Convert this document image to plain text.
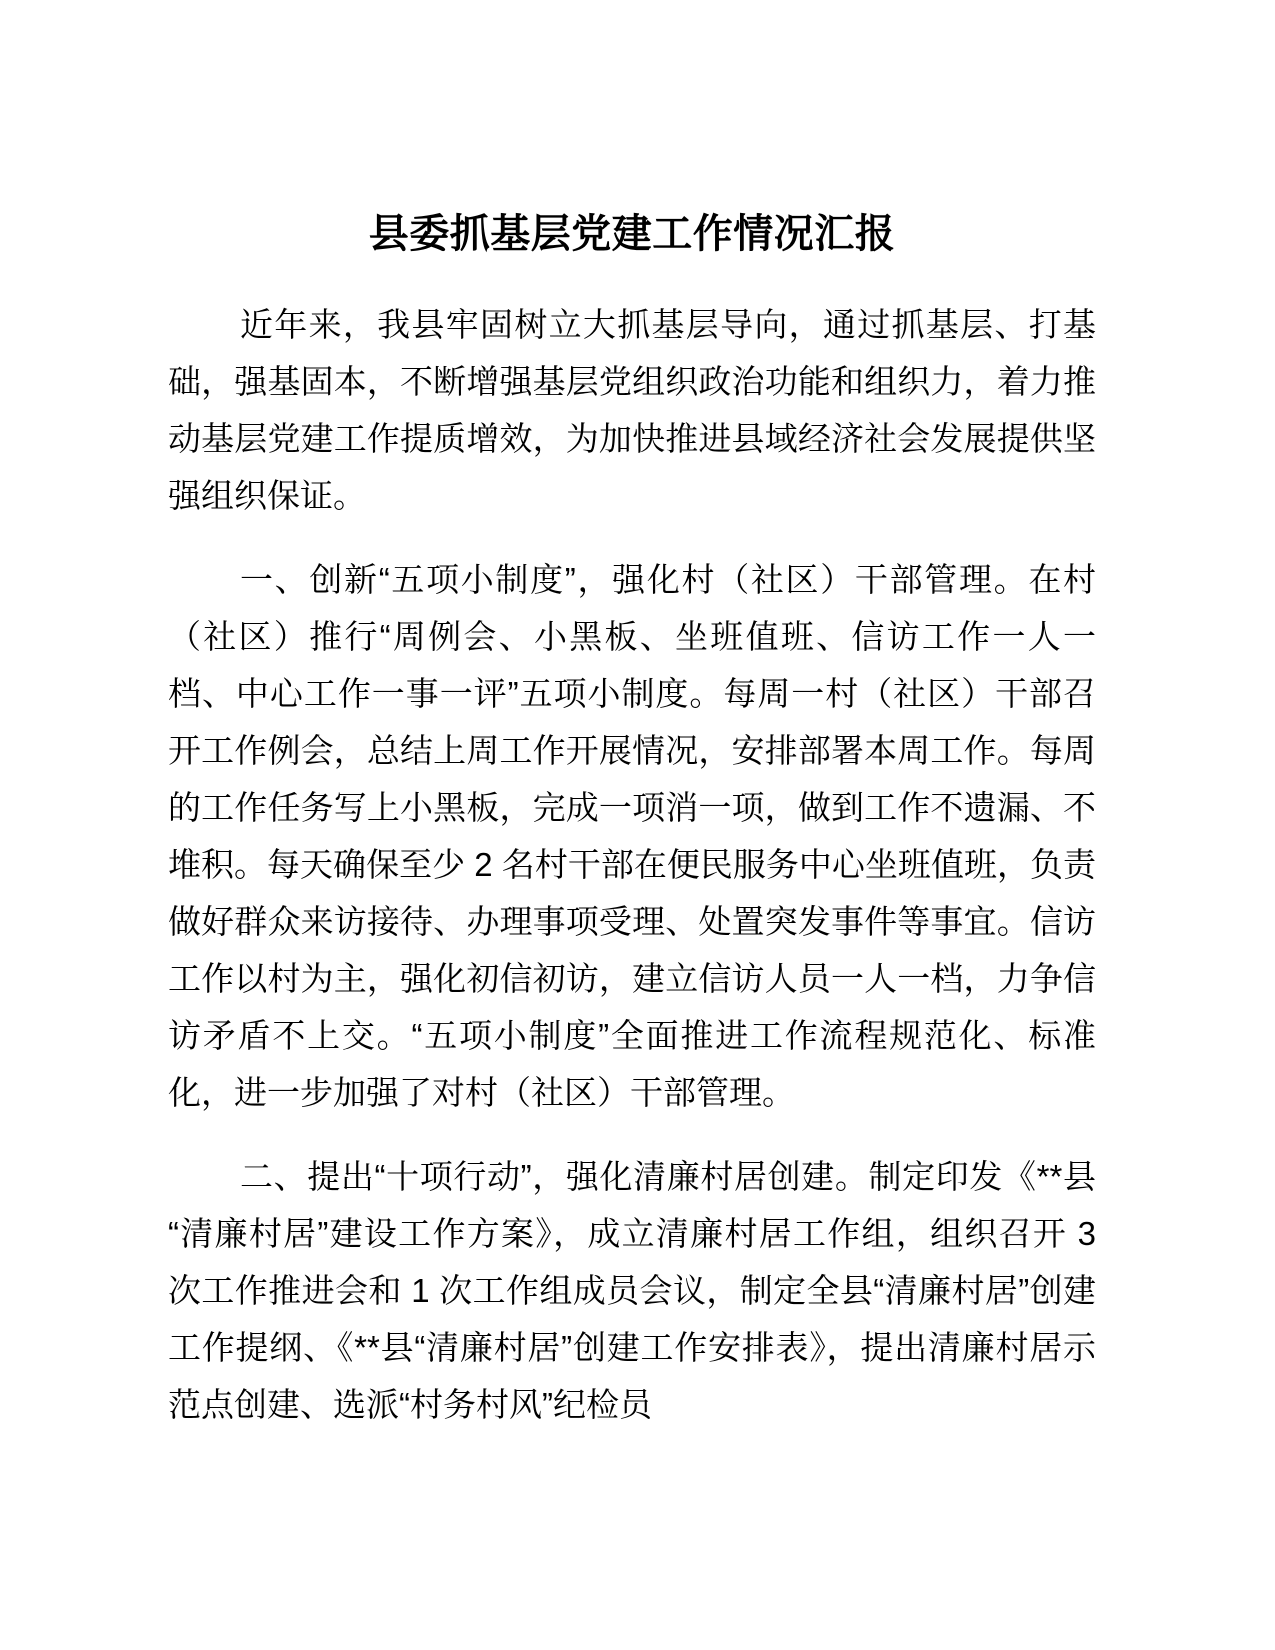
县委抓基层党建工作情况汇报

近年来，我县牢固树立大抓基层导向，通过抓基层、打基础，强基固本，不断增强基层党组织政治功能和组织力，着力推动基层党建工作提质增效，为加快推进县域经济社会发展提供坚强组织保证。

一、创新“五项小制度”，强化村（社区）干部管理。在村（社区）推行“周例会、小黑板、坐班值班、信访工作一人一档、中心工作一事一评”五项小制度。每周一村（社区）干部召开工作例会，总结上周工作开展情况，安排部署本周工作。每周的工作任务写上小黑板，完成一项消一项，做到工作不遗漏、不堆积。每天确保至少 2 名村干部在便民服务中心坐班值班，负责做好群众来访接待、办理事项受理、处置突发事件等事宜。信访工作以村为主，强化初信初访，建立信访人员一人一档，力争信访矛盾不上交。“五项小制度”全面推进工作流程规范化、标准化，进一步加强了对村（社区）干部管理。

二、提出“十项行动”，强化清廉村居创建。制定印发《**县“清廉村居”建设工作方案》，成立清廉村居工作组，组织召开 3 次工作推进会和 1 次工作组成员会议，制定全县“清廉村居”创建工作提纲、《**县“清廉村居”创建工作安排表》，提出清廉村居示范点创建、选派“村务村风”纪检员
